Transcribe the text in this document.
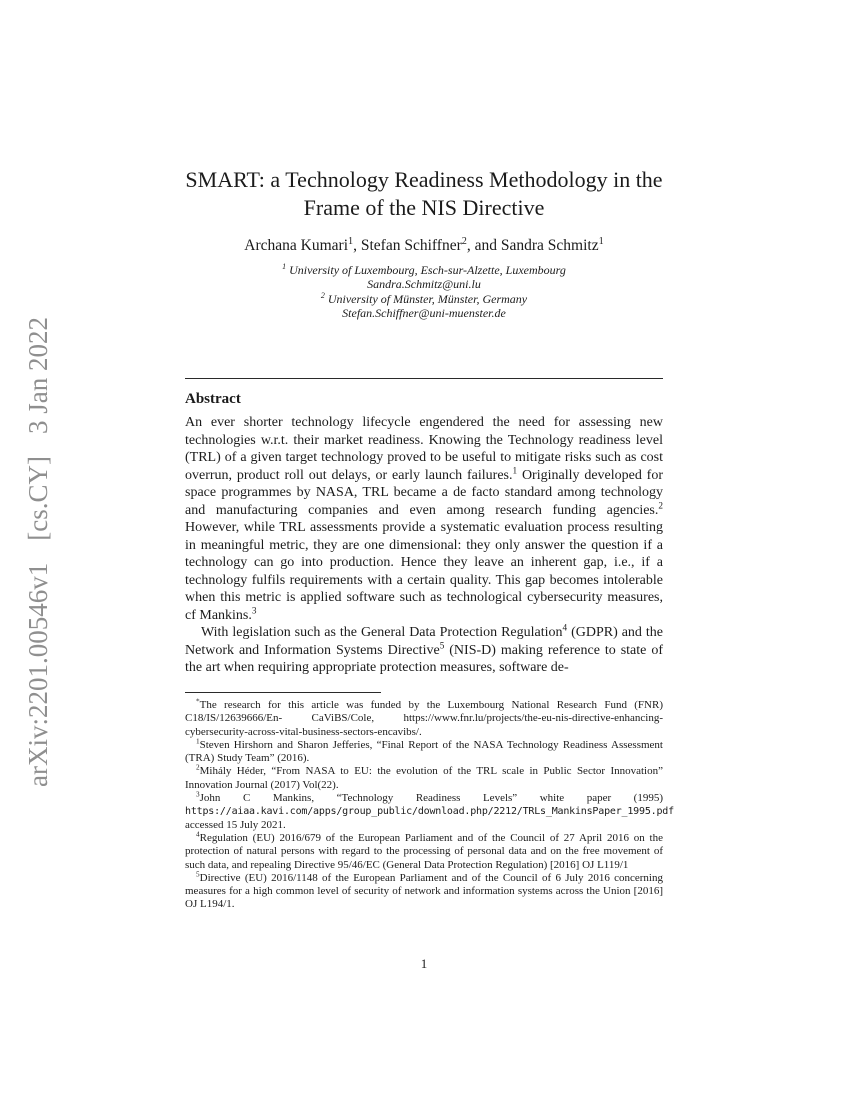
arXiv:2201.00546v1
[cs.CY]
3 Jan 2022
SMART: a Technology Readiness Methodology in the
Frame of the NIS Directive
Archana Kumari$^1$, Stefan Schiffner$^2$, and Sandra Schmitz$^1$
$^1$ University of Luxembourg, Esch-sur-Alzette, Luxembourg
Sandra.Schmitz@uni.lu
$^2$ University of Münster, Münster, Germany
Stefan.Schiffner@uni-muenster.de
Abstract

An ever shorter technology lifecycle engendered the need for assessing new technologies w.r.t. their market readiness. Knowing the Technology readiness level (TRL) of a given target technology proved to be useful to mitigate risks such as cost overrun, product roll out delays, or early launch failures.$^1$ Originally developed for space programmes by NASA, TRL became a de facto standard among technology and manufacturing companies and even among research funding agencies.$^2$ However, while TRL assessments provide a systematic evaluation process resulting in meaningful metric, they are one dimensional: they only answer the question if a technology can go into production. Hence they leave an inherent gap, i.e., if a technology fulfils requirements with a certain quality. This gap becomes intolerable when this metric is applied software such as technological cybersecurity measures, cf Mankins.$^3$

With legislation such as the General Data Protection Regulation$^4$ (GDPR) and the Network and Information Systems Directive$^5$ (NIS-D) making reference to state of the art when requiring appropriate protection measures, software de-

*The research for this article was funded by the Luxembourg National Research Fund (FNR) C18/IS/12639666/En- CaViBS/Cole, https://www.fnr.lu/projects/the-eu-nis-directive-enhancing- cybersecurity-across-vital-business-sectors-encavibs/.

$^1$Steven Hirshorn and Sharon Jefferies, “Final Report of the NASA Technology Readiness Assessment (TRA) Study Team” (2016).

$^2$Mihály Héder, “From NASA to EU: the evolution of the TRL scale in Public Sector Innovation” Innovation Journal (2017) Vol(22).

$^3$John C Mankins, “Technology Readiness Levels” white paper (1995) https://aiaa.kavi.com/apps/group_public/download.php/2212/TRLs_MankinsPaper_1995.pdf accessed 15 July 2021.

$^4$Regulation (EU) 2016/679 of the European Parliament and of the Council of 27 April 2016 on the protection of natural persons with regard to the processing of personal data and on the free movement of such data, and repealing Directive 95/46/EC (General Data Protection Regulation) [2016] OJ L119/1

$^5$Directive (EU) 2016/1148 of the European Parliament and of the Council of 6 July 2016 concerning measures for a high common level of security of network and information systems across the Union [2016] OJ L194/1.

1
